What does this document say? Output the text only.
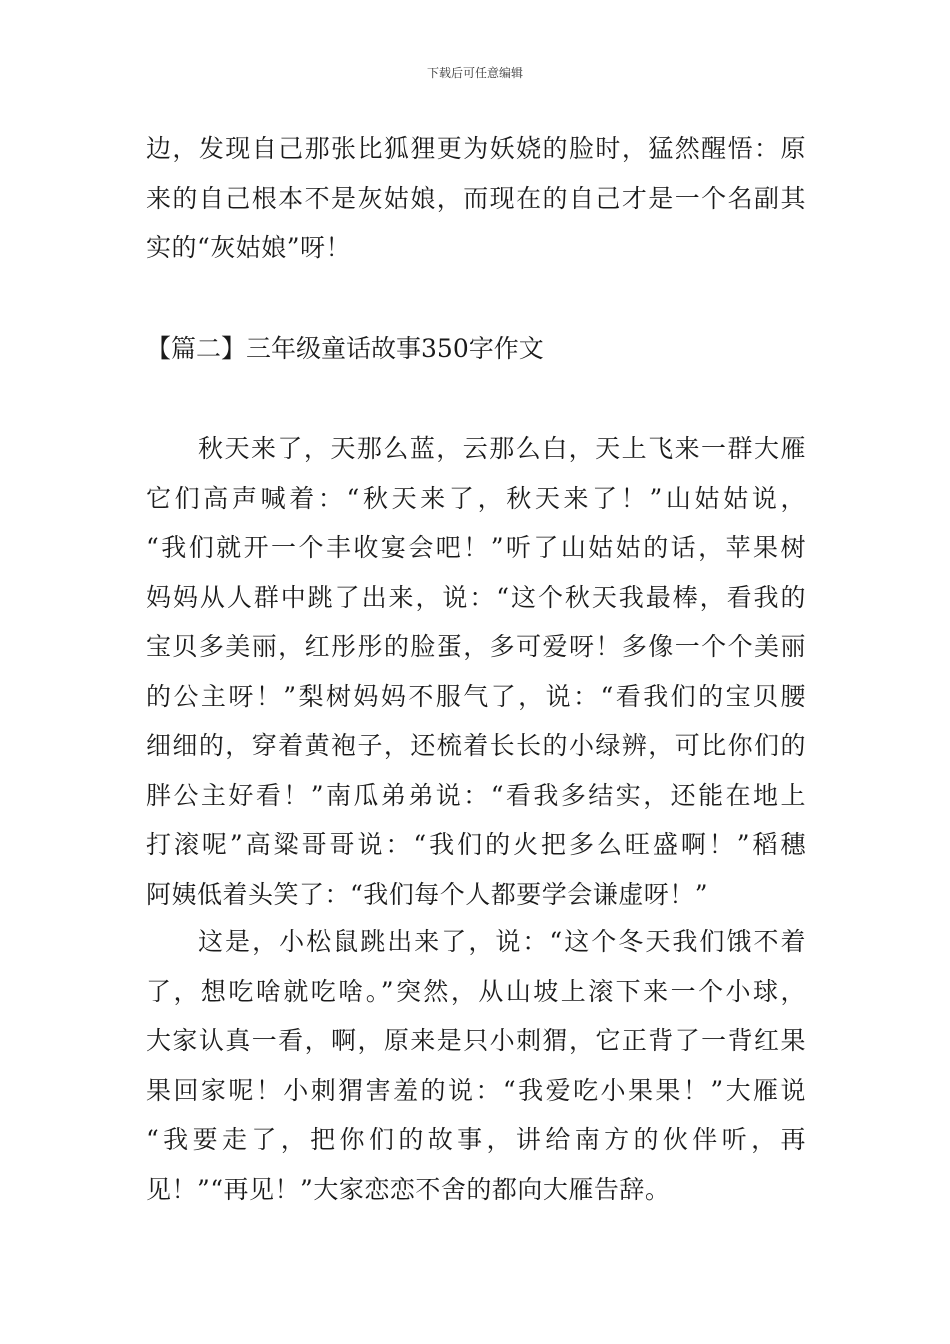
下载后可任意编辑
边，发现自己那张比狐狸更为妖娆的脸时，猛然醒悟：原
来的自己根本不是灰姑娘，而现在的自己才是一个名副其
实的“灰姑娘”呀！
【篇二】三年级童话故事350字作文
秋天来了，天那么蓝，云那么白，天上飞来一群大雁
它们高声喊着：“秋天来了，秋天来了！”山姑姑说，
“我们就开一个丰收宴会吧！”听了山姑姑的话，苹果树
妈妈从人群中跳了出来，说：“这个秋天我最棒，看我的
宝贝多美丽，红彤彤的脸蛋，多可爱呀！多像一个个美丽
的公主呀！”梨树妈妈不服气了，说：“看我们的宝贝腰
细细的，穿着黄袍子，还梳着长长的小绿辨，可比你们的
胖公主好看！”南瓜弟弟说：“看我多结实，还能在地上
打滚呢”高粱哥哥说：“我们的火把多么旺盛啊！”稻穗
阿姨低着头笑了：“我们每个人都要学会谦虚呀！”
这是，小松鼠跳出来了，说：“这个冬天我们饿不着
了，想吃啥就吃啥。”突然，从山坡上滚下来一个小球，
大家认真一看，啊，原来是只小刺猬，它正背了一背红果
果回家呢！小刺猬害羞的说：“我爱吃小果果！”大雁说
“我要走了，把你们的故事，讲给南方的伙伴听，再
见！”“再见！”大家恋恋不舍的都向大雁告辞。
